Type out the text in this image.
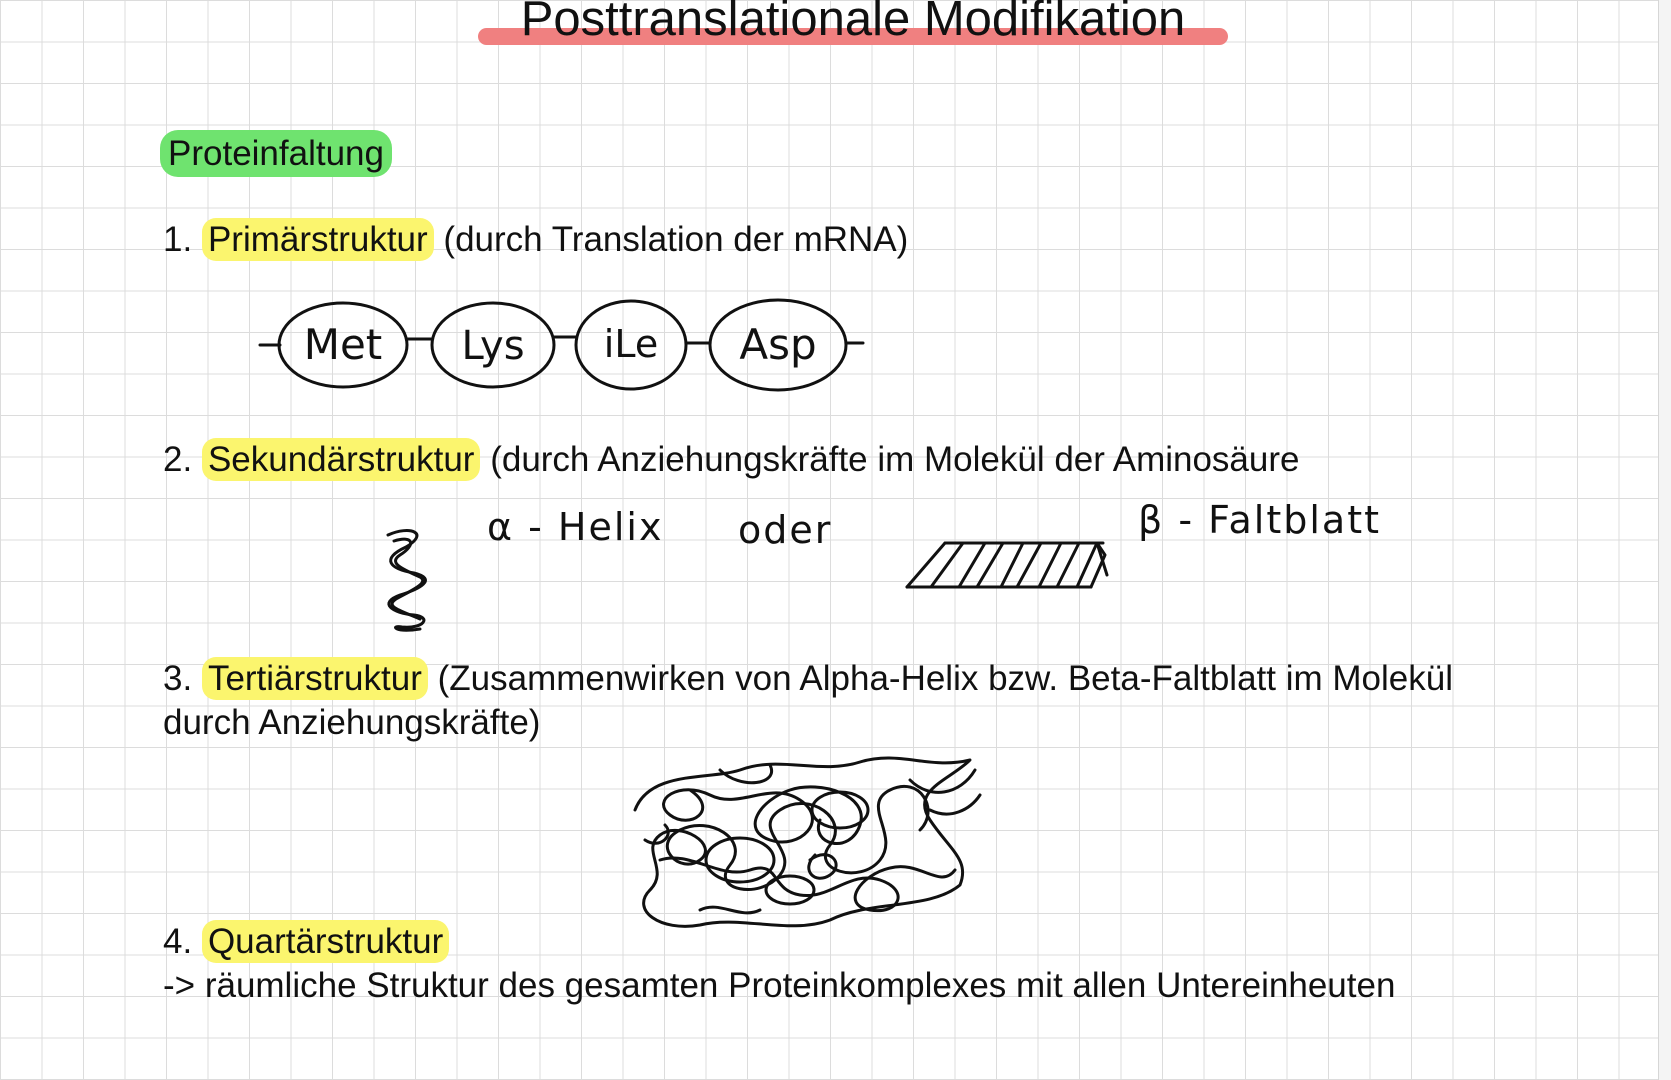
Posttranslationale Modifikation
Proteinfaltung
1. Primärstruktur (durch Translation der mRNA)
Met Lys iLe Asp
2. Sekundärstruktur (durch Anziehungskräfte im Molekül der Aminosäure
α - Helix oder	β - Faltblatt
3. Tertiärstruktur (Zusammenwirken von Alpha-Helix bzw. Beta-Faltblatt im Molekül
durch Anziehungskräfte)
4. Quartärstruktur
-> räumliche Struktur des gesamten Proteinkomplexes mit allen Untereinheuten
